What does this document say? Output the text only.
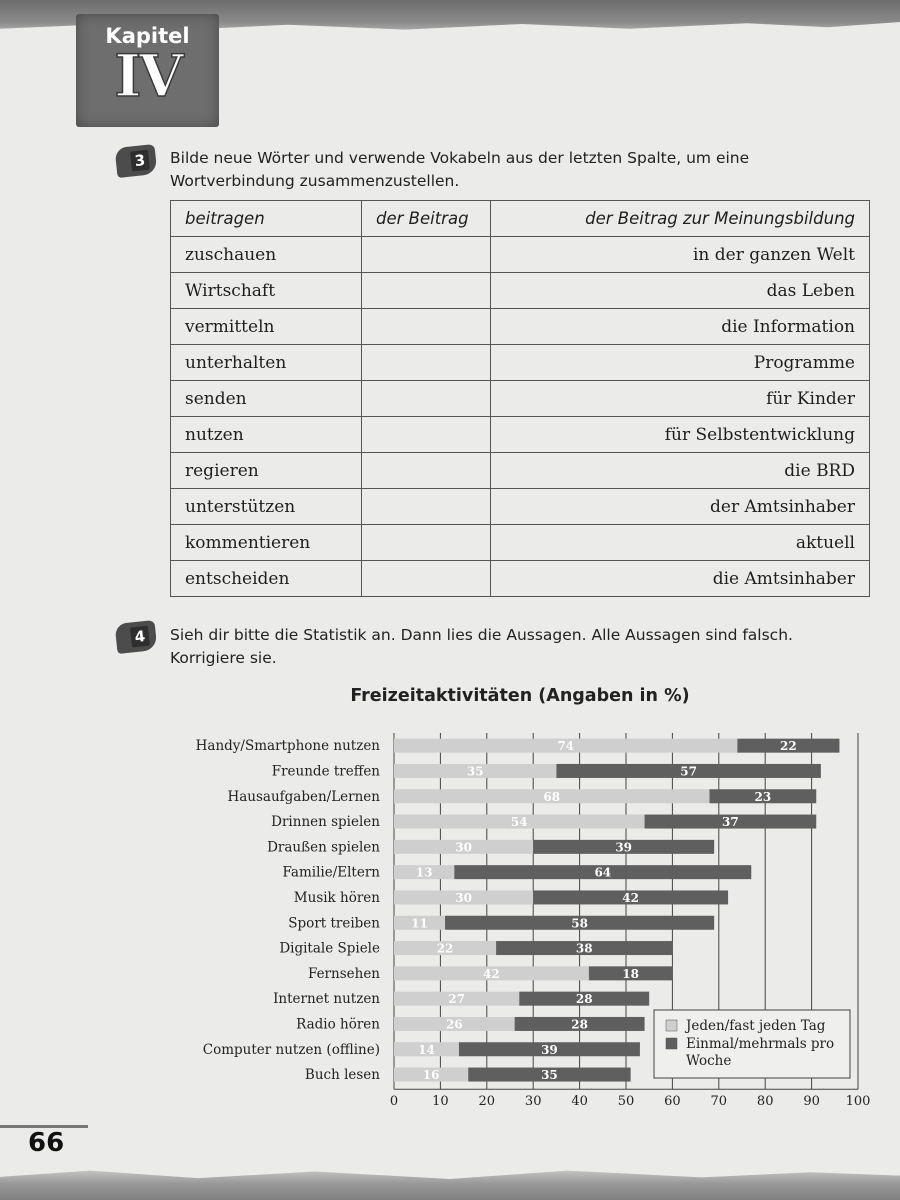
Kapitel
IV
3	Bilde neue Wörter und verwende Vokabeln aus der letzten Spalte, um eine Wortverbindung zusammenzustellen.
beitragen	der Beitrag	der Beitrag zur Meinungsbildung
zuschauen		in der ganzen Welt
Wirtschaft		das Leben
vermitteln		die Information
unterhalten		Programme
senden		für Kinder
nutzen		für Selbstentwicklung
regieren		die BRD
unterstützen		der Amtsinhaber
kommentieren		aktuell
entscheiden		die Amtsinhaber
4	Sieh dir bitte die Statistik an. Dann lies die Aussagen. Alle Aussagen sind falsch. Korrigiere sie.
Freizeitaktivitäten (Angaben in %)
74	22
35	57
68	23
54	37
30	39
13	64
30	42
11	58
22	38
42	18
27	28
26	28
14	39
16	35
Handy/Smartphone nutzen
Freunde treffen
Hausaufgaben/Lernen
Drinnen spielen
Draußen spielen
Familie/Eltern
Musik hören
Sport treiben
Digitale Spiele
Fernsehen
Internet nutzen
Radio hören
Computer nutzen (offline)
Buch lesen
0	10 20 30 40 50 60 70 80 90 100
Jeden/fast jeden Tag
Einmal/mehrmals pro
Woche
66
